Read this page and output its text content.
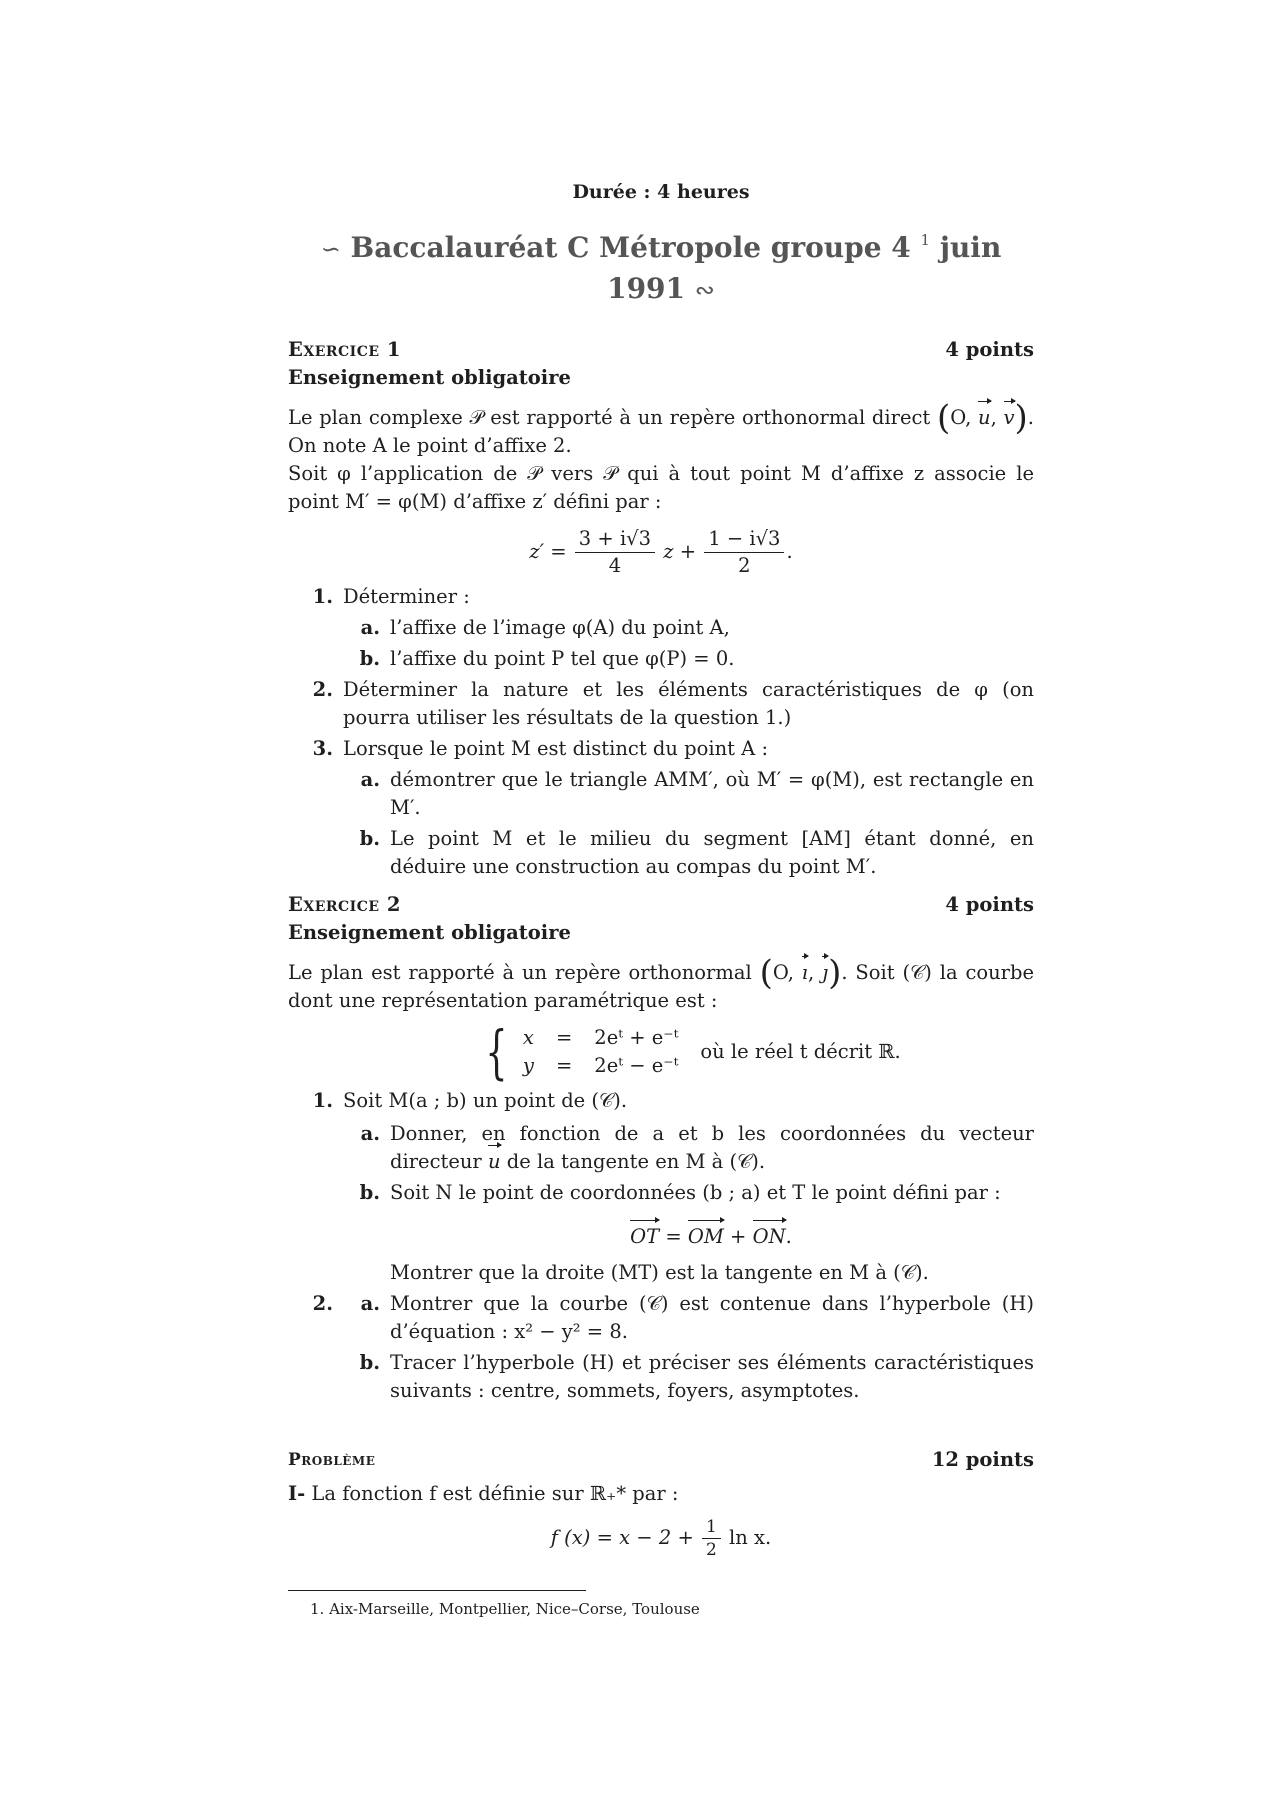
Durée : 4 heures
∽ Baccalauréat C Métropole groupe 4 $^1$ juin 1991 ∾
Exercice 1	4 points
Enseignement obligatoire

Le plan complexe 𝒫 est rapporté à un repère orthonormal direct (O, u, v). On note A le point d’affixe 2.

Soit φ l’application de 𝒫 vers 𝒫 qui à tout point M d’affixe z associe le point M′ = φ(M) d’affixe z′ défini par :

$z' = \frac{3 + i√3}{4}$ $z + \frac{1 - i√3}{2}$ .
1. Déterminer :
a. l’affixe de l’image φ(A) du point A,
b. l’affixe du point P tel que φ(P) = 0.
2. Déterminer la nature et les éléments caractéristiques de φ (on pourra utiliser les résultats de la question 1.)
3. Lorsque le point M est distinct du point A :
a. démontrer que le triangle AMM′, où M′ = φ(M), est rectangle en M′.
b. Le point M et le milieu du segment [AM] étant donné, en déduire une construction au compas du point M′.
Exercice 2	4 points
Enseignement obligatoire

Le plan est rapporté à un repère orthonormal (O, ı, ȷ). Soit (𝒞) la courbe dont une représentation paramétrique est :

{ x = 2eᵗ + e⁻ᵗ
y = 2eᵗ − e⁻ᵗ
où le réel t décrit ℝ.
1. Soit M(a ; b) un point de (𝒞).
a. Donner, en fonction de a et b les coordonnées du vecteur directeur u de la tangente en M à (𝒞).
b. Soit N le point de coordonnées (b ; a) et T le point défini par :
OT = OM + ON.
Montrer que la droite (MT) est la tangente en M à (𝒞).
2.	a. Montrer que la courbe (𝒞) est contenue dans l’hyperbole (H) d’équation : x² − y² = 8.
b. Tracer l’hyperbole (H) et préciser ses éléments caractéristiques suivants : centre, sommets, foyers, asymptotes.
Problème	12 points

I- La fonction f est définie sur ℝ₊* par :

f $(x) = x - 2 + \frac{1}{2}$ ln x.
1. Aix-Marseille, Montpellier, Nice–Corse, Toulouse
